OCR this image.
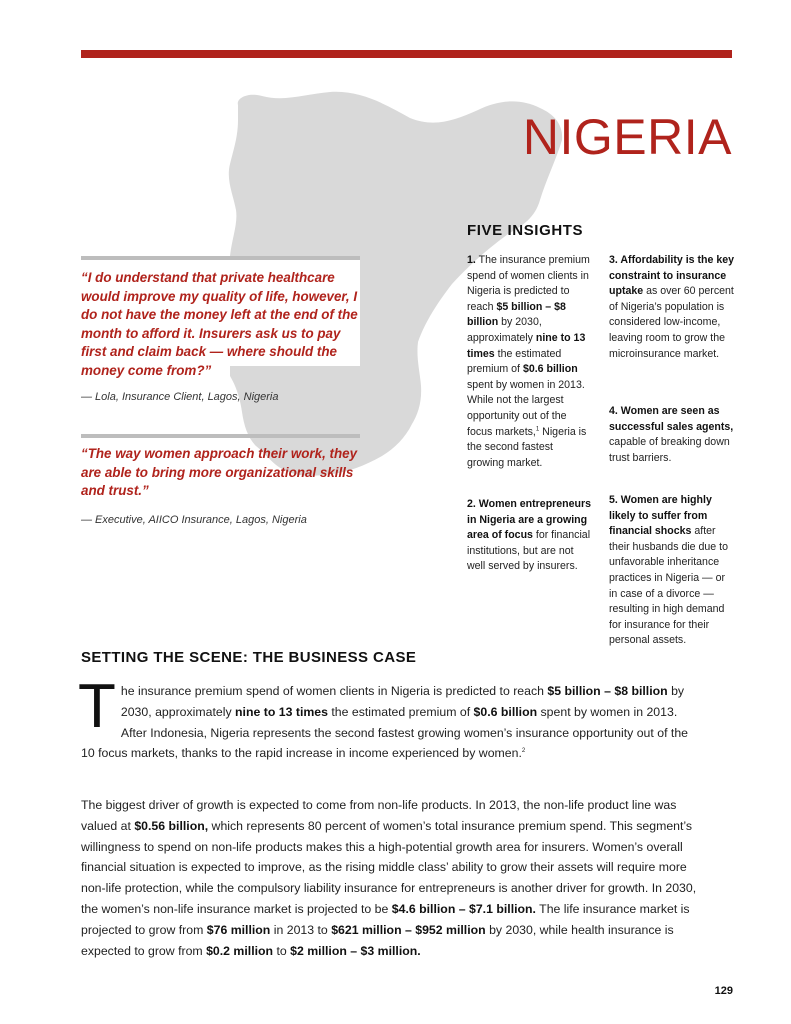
NIGERIA

“I do understand that private healthcare would improve my quality of life, however, I do not have the money left at the end of the month to afford it. Insurers ask us to pay first and claim back — where should the money come from?”

— Lola, Insurance Client, Lagos, Nigeria

“The way women approach their work, they are able to bring more organizational skills and trust.”

— Executive, AIICO Insurance, Lagos, Nigeria

FIVE INSIGHTS

1. The insurance premium spend of women clients in Nigeria is predicted to reach $5 billion – $8 billion by 2030, approximately nine to 13 times the estimated premium of $0.6 billion spent by women in 2013. While not the largest opportunity out of the focus markets,$^1$ Nigeria is the second fastest growing market.

2. Women entrepreneurs in Nigeria are a growing area of focus for financial institutions, but are not well served by insurers.

3. Affordability is the key constraint to insurance uptake as over 60 percent of Nigeria’s population is considered low-income, leaving room to grow the microinsurance market.

4. Women are seen as successful sales agents, capable of breaking down trust barriers.

5. Women are highly likely to suffer from financial shocks after their husbands die due to unfavorable inheritance practices in Nigeria — or in case of a divorce — resulting in high demand for insurance for their personal assets.

SETTING THE SCENE: THE BUSINESS CASE

The insurance premium spend of women clients in Nigeria is predicted to reach $5 billion – $8 billion by 2030, approximately nine to 13 times the estimated premium of $0.6 billion spent by women in 2013. After Indonesia, Nigeria represents the second fastest growing women’s insurance opportunity out of the 10 focus markets, thanks to the rapid increase in income experienced by women.$^2$

The biggest driver of growth is expected to come from non-life products. In 2013, the non-life product line was valued at $0.56 billion, which represents 80 percent of women’s total insurance premium spend. This segment’s willingness to spend on non-life products makes this a high-potential growth area for insurers. Women’s overall financial situation is expected to improve, as the rising middle class’ ability to grow their assets will require more non-life protection, while the compulsory liability insurance for entrepreneurs is another driver for growth. In 2030, the women’s non-life insurance market is projected to be $4.6 billion – $7.1 billion. The life insurance market is projected to grow from $76 million in 2013 to $621 million – $952 million by 2030, while health insurance is expected to grow from $0.2 million to $2 million – $3 million.

129
